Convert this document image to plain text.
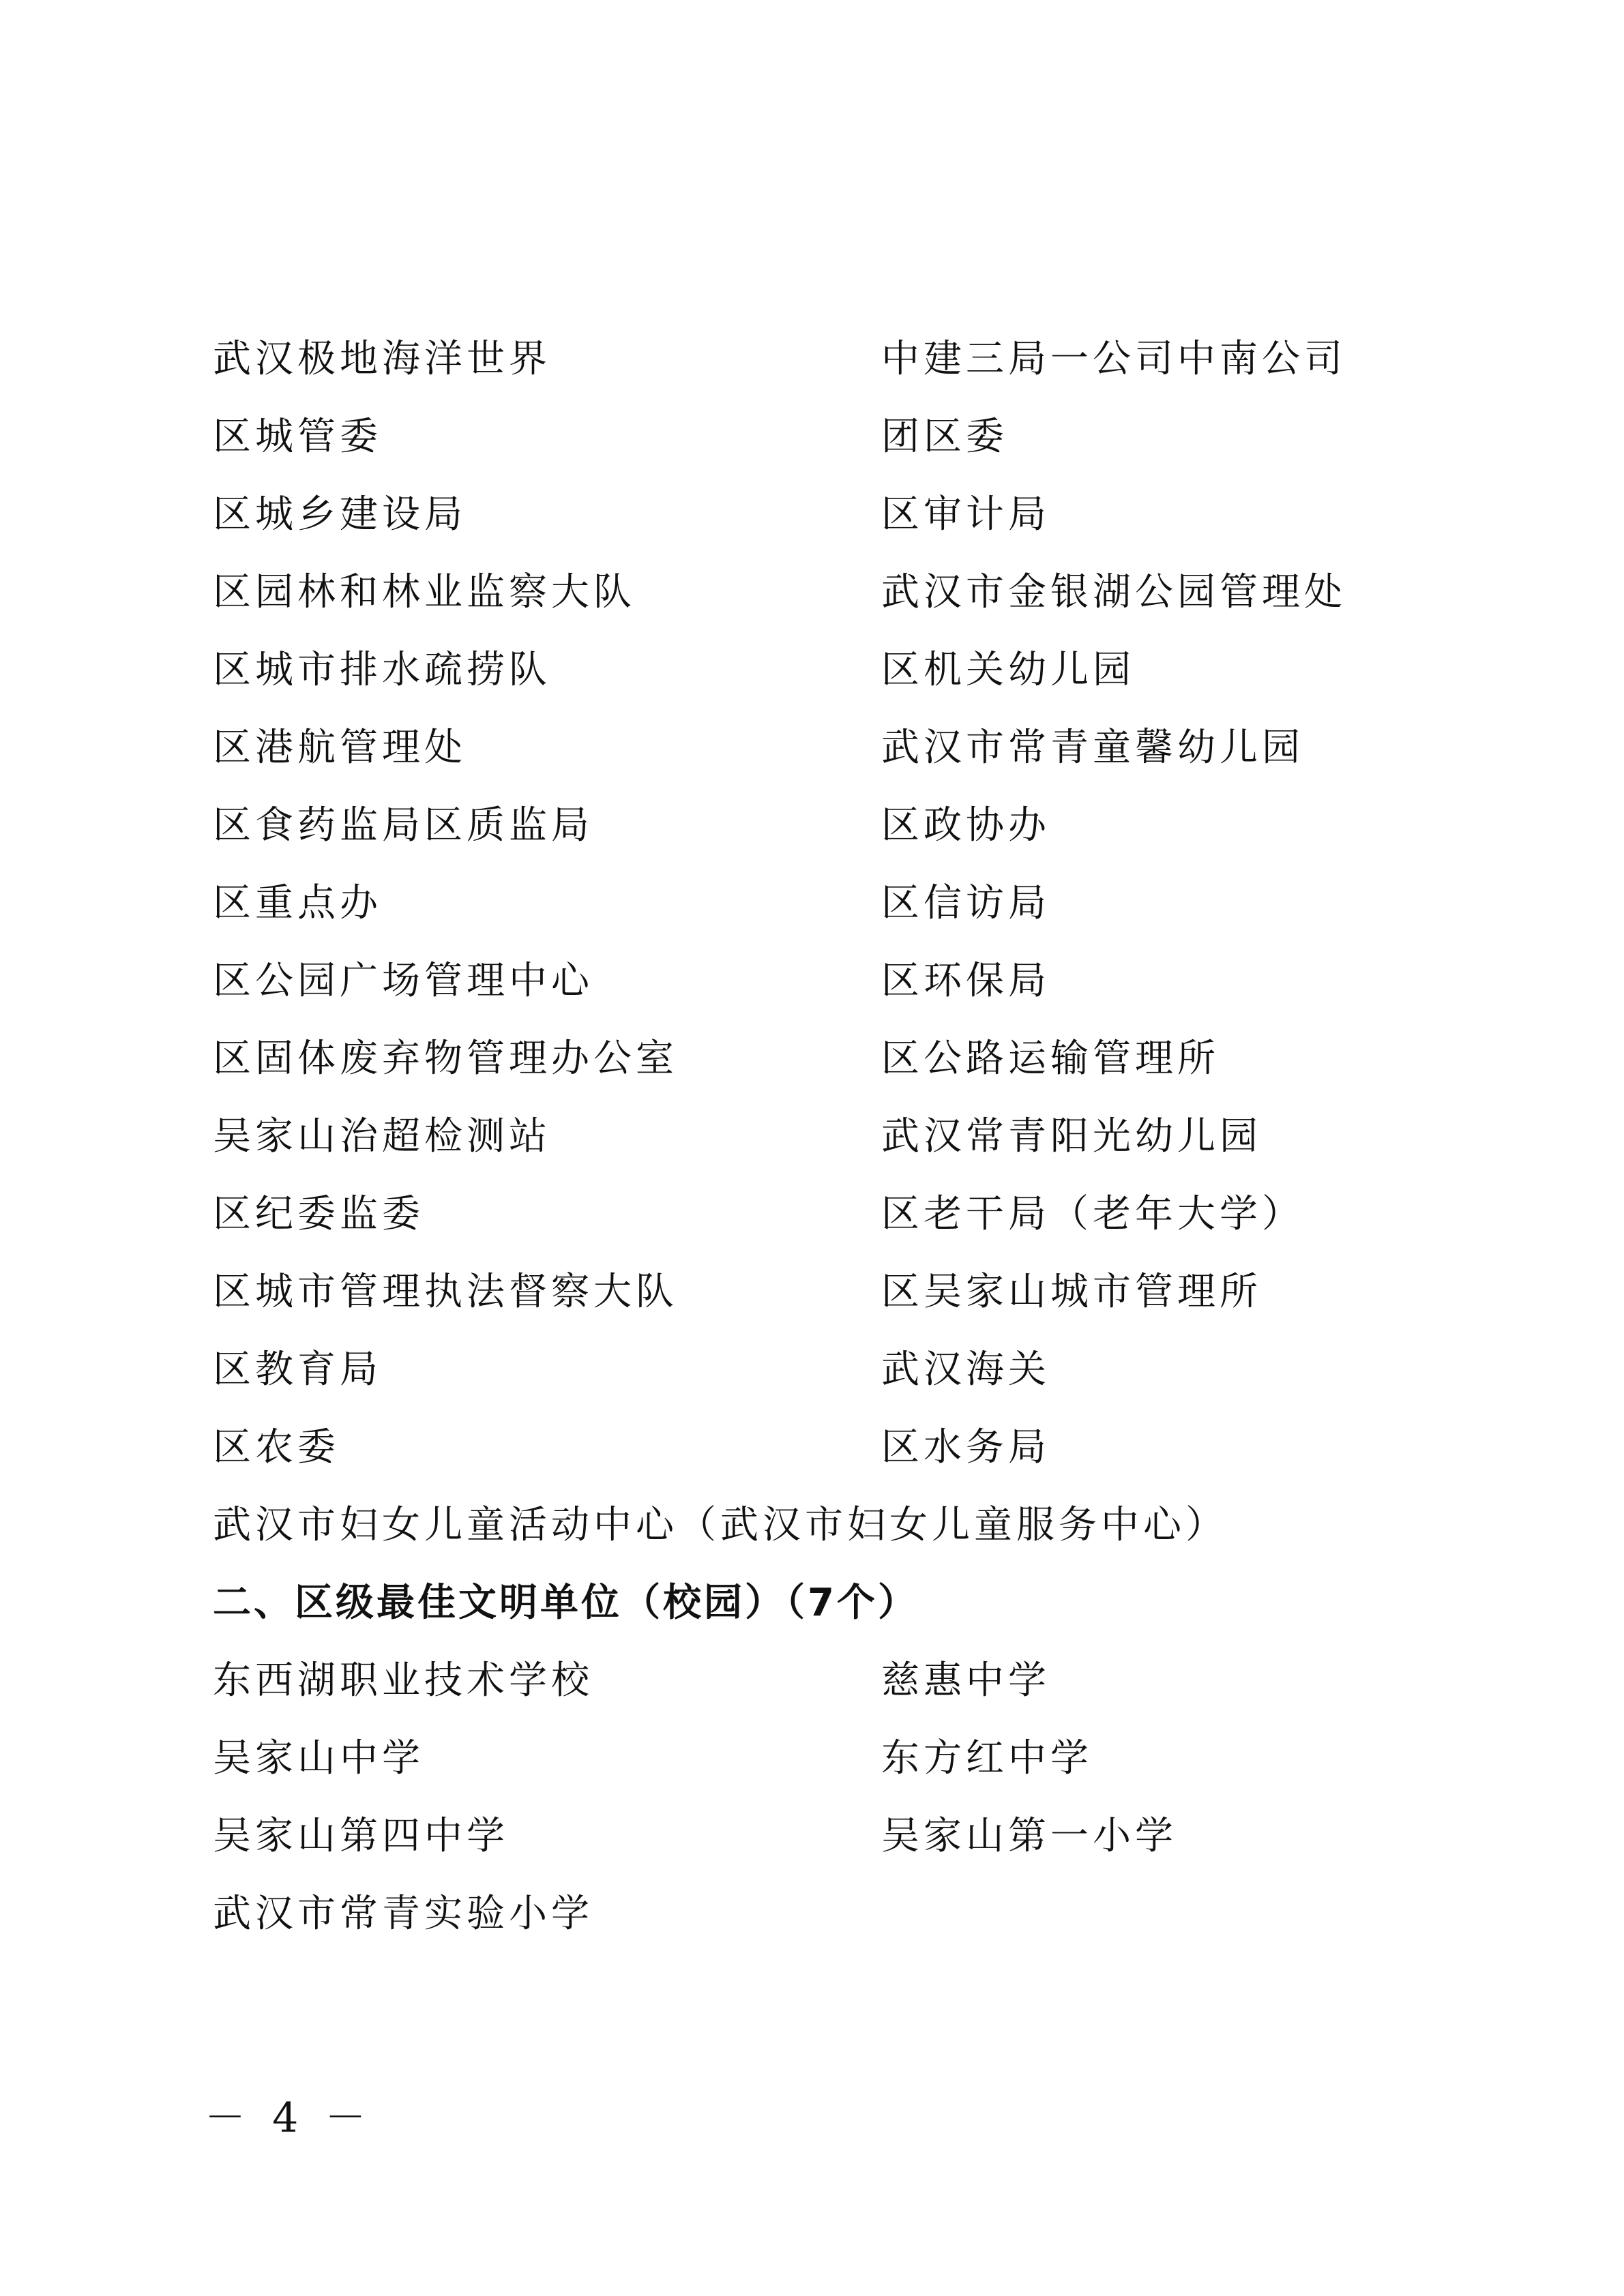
武汉极地海洋世界	中建三局一公司中南公司
区城管委	团区委
区城乡建设局	区审计局
区园林和林业监察大队	武汉市金银湖公园管理处
区城市排水疏捞队	区机关幼儿园
区港航管理处	武汉市常青童馨幼儿园
区食药监局区质监局	区政协办
区重点办	区信访局
区公园广场管理中心	区环保局
区固体废弃物管理办公室	区公路运输管理所
吴家山治超检测站	武汉常青阳光幼儿园
区纪委监委	区老干局（老年大学）
区城市管理执法督察大队	区吴家山城市管理所
区教育局	武汉海关
区农委	区水务局
武汉市妇女儿童活动中心（武汉市妇女儿童服务中心）
二、区级最佳文明单位（校园）（7个）
东西湖职业技术学校	慈惠中学
吴家山中学	东方红中学
吴家山第四中学	吴家山第一小学
武汉市常青实验小学
－ 4 －
